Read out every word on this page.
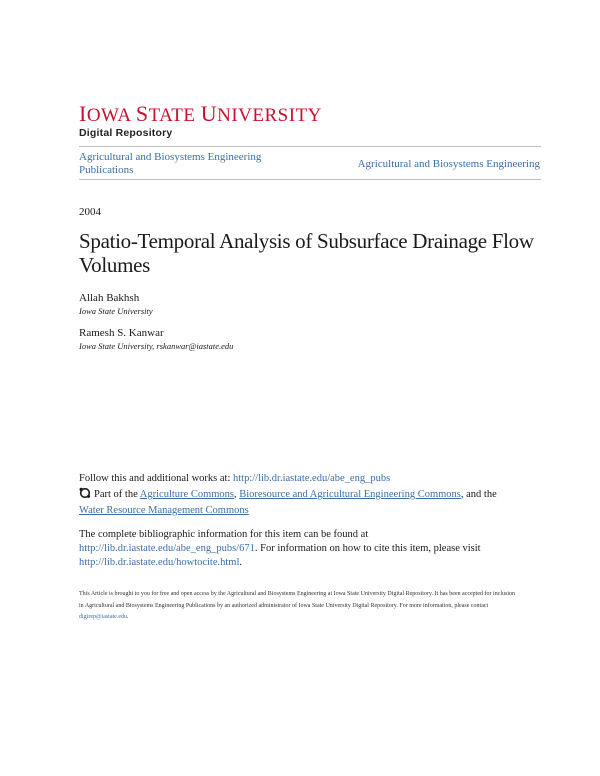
IOWA STATE UNIVERSITY
Digital Repository
Agricultural and Biosystems Engineering Publications	Agricultural and Biosystems Engineering
2004
Spatio-Temporal Analysis of Subsurface Drainage Flow Volumes
Allah Bakhsh
Iowa State University
Ramesh S. Kanwar
Iowa State University, rskanwar@iastate.edu
Follow this and additional works at: http://lib.dr.iastate.edu/abe_eng_pubs
Part of the Agriculture Commons, Bioresource and Agricultural Engineering Commons, and the
Water Resource Management Commons
The complete bibliographic information for this item can be found at http://lib.dr.iastate.edu/abe_eng_pubs/671. For information on how to cite this item, please visit http://lib.dr.iastate.edu/howtocite.html.
This Article is brought to you for free and open access by the Agricultural and Biosystems Engineering at Iowa State University Digital Repository. It has been accepted for inclusion in Agricultural and Biosystems Engineering Publications by an authorized administrator of Iowa State University Digital Repository. For more information, please contact digirep@iastate.edu.
